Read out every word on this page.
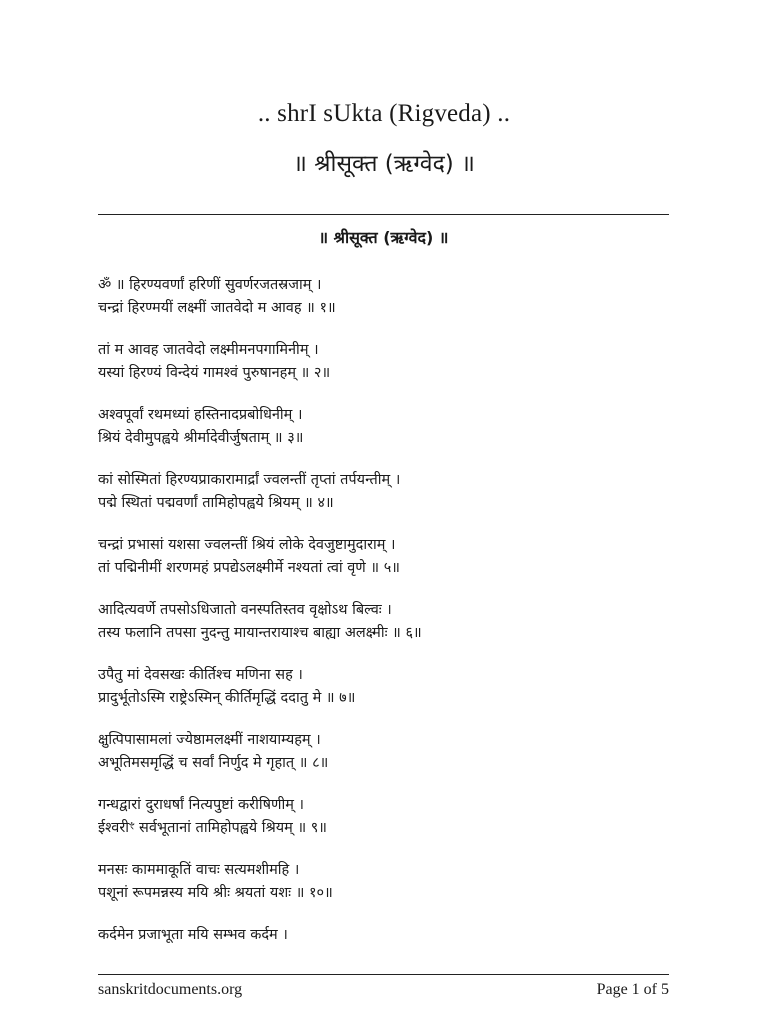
.. shrI sUkta (Rigveda) ..
॥ श्रीसूक्त (ऋग्वेद) ॥
॥ श्रीसूक्त (ऋग्वेद) ॥
ॐ ॥ हिरण्यवर्णां हरिणीं सुवर्णरजतस्रजाम् ।
चन्द्रां हिरण्मयीं लक्ष्मीं जातवेदो म आवह ॥ १॥
तां म आवह जातवेदो लक्ष्मीमनपगामिनीम् ।
यस्यां हिरण्यं विन्देयं गामश्वं पुरुषानहम् ॥ २॥
अश्वपूर्वां रथमध्यां हस्तिनादप्रबोधिनीम् ।
श्रियं देवीमुपह्वये श्रीर्मादेवीर्जुषताम् ॥ ३॥
कां सोस्मितां हिरण्यप्राकारामार्द्रां ज्वलन्तीं तृप्तां तर्पयन्तीम् ।
पद्मे स्थितां पद्मवर्णां तामिहोपह्वये श्रियम् ॥ ४॥
चन्द्रां प्रभासां यशसा ज्वलन्तीं श्रियं लोके देवजुष्टामुदाराम् ।
तां पद्मिनीमीं शरणमहं प्रपद्येऽलक्ष्मीर्मे नश्यतां त्वां वृणे ॥ ५॥
आदित्यवर्णे तपसोऽधिजातो वनस्पतिस्तव वृक्षोऽथ बिल्वः ।
तस्य फलानि तपसा नुदन्तु मायान्तरायाश्च बाह्या अलक्ष्मीः ॥ ६॥
उपैतु मां देवसखः कीर्तिश्च मणिना सह ।
प्रादुर्भूतोऽस्मि राष्ट्रेऽस्मिन् कीर्तिमृद्धिं ददातु मे ॥ ७॥
क्षुत्पिपासामलां ज्येष्ठामलक्ष्मीं नाशयाम्यहम् ।
अभूतिमसमृद्धिं च सर्वां निर्णुद मे गृहात् ॥ ८॥
गन्धद्वारां दुराधर्षां नित्यपुष्टां करीषिणीम् ।
ईश्वरीꣳ सर्वभूतानां तामिहोपह्वये श्रियम् ॥ ९॥
मनसः काममाकूतिं वाचः सत्यमशीमहि ।
पशूनां रूपमन्नस्य मयि श्रीः श्रयतां यशः ॥ १०॥
कर्दमेन प्रजाभूता मयि सम्भव कर्दम ।
sanskritdocuments.org	Page 1 of 5
